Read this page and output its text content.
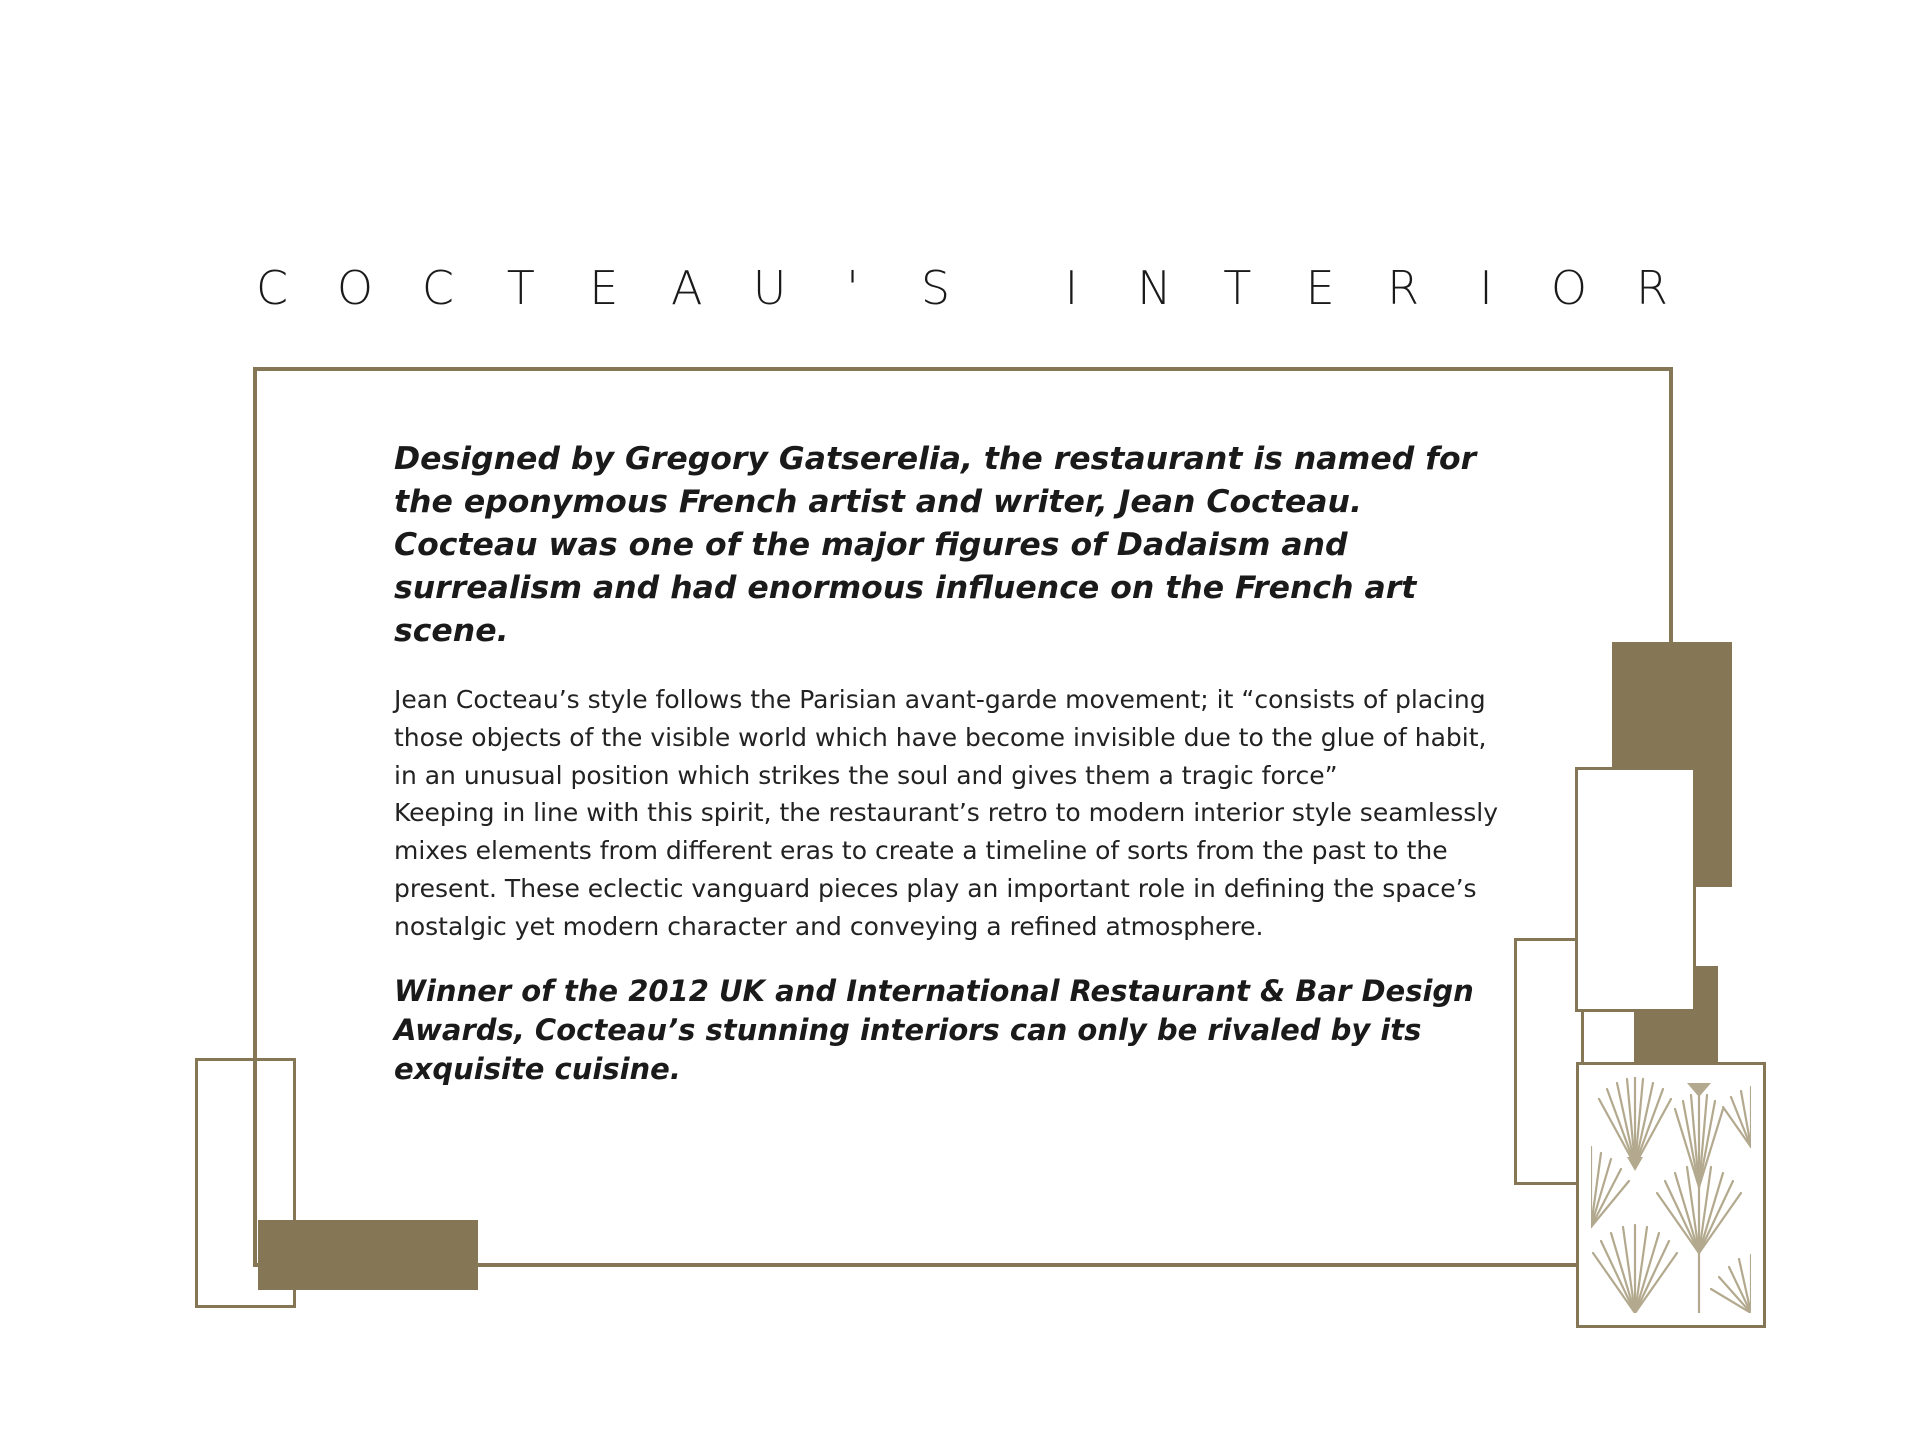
C O C T E A U ' S
I N T E R I O R

Designed by Gregory Gatserelia, the restaurant is named for the eponymous French artist and writer, Jean Cocteau. Cocteau was one of the major figures of Dadaism and surrealism and had enormous influence on the French art scene.

Jean Cocteau’s style follows the Parisian avant-garde movement; it “consists of placing those objects of the visible world which have become invisible due to the glue of habit, in an unusual position which strikes the soul and gives them a tragic force”
Keeping in line with this spirit, the restaurant’s retro to modern interior style seamlessly mixes elements from different eras to create a timeline of sorts from the past to the present. These eclectic vanguard pieces play an important role in defining the space’s nostalgic yet modern character and conveying a refined atmosphere.

Winner of the 2012 UK and International Restaurant & Bar Design Awards, Cocteau’s stunning interiors can only be rivaled by its exquisite cuisine.
